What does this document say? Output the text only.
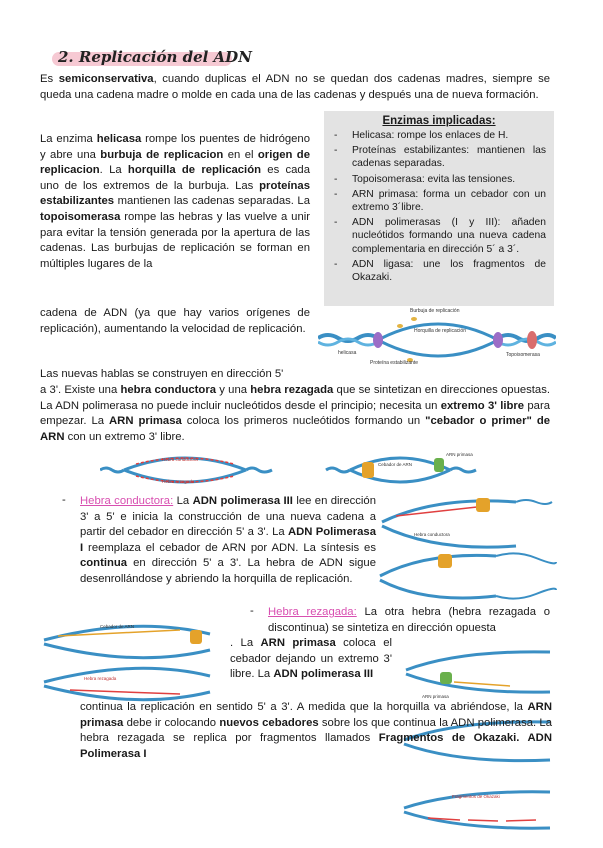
2. Replicación del ADN
Es semiconservativa, cuando duplicas el ADN no se quedan dos cadenas madres, siempre se queda una cadena madre o molde en cada una de las cadenas y después una de nueva formación.
La enzima helicasa rompe los puentes de hidrógeno y abre una burbuja de replicacion en el origen de replicacion. La horquilla de replicación es cada uno de los extremos de la burbuja. Las proteínas estabilizantes mantienen las cadenas separadas. La topoisomerasa rompe las hebras y las vuelve a unir para evitar la tensión generada por la apertura de las cadenas. Las burbujas de replicación se forman en múltiples lugares de la
Enzimas implicadas:
- Helicasa: rompe los enlaces de H.
- Proteínas estabilizantes: mantienen las cadenas separadas.
- Topoisomerasa: evita las tensiones.
- ARN primasa: forma un cebador con un extremo 3´libre.
- ADN polimerasas (I y III): añaden nucleótidos formando una nueva cadena complementaria en dirección 5´ a 3´.
- ADN ligasa: une los fragmentos de Okazaki.
cadena de ADN (ya que hay varios orígenes de replicación), aumentando la velocidad de replicación.
Burbuja de replicación
Horquilla de replicación
helicasa
Proteína estabilizante
Topoisomerasa
Las nuevas hablas se construyen en dirección 5'
a 3'. Existe una hebra conductora y una hebra rezagada que se sintetizan en direcciones opuestas. La ADN polimerasa no puede incluir nucleótidos desde el principio; necesita un extremo 3' libre para empezar. La ARN primasa coloca los primeros nucleótidos formando un "cebador o primer" de ARN con un extremo 3' libre.
Hebra conductora
Hebra rezagada
Cebador de ARN
ARN primasa
- Hebra conductora: La ADN polimerasa III lee en dirección 3' a 5' e inicia la construcción de una nueva cadena a partir del cebador en dirección 5' a 3'. La ADN Polimerasa I reemplaza el cebador de ARN por ADN. La síntesis es continua en dirección 5' a 3'. La hebra de ADN sigue desenrollándose y abriendo la horquilla de replicación.
Hebra conductora
Cebador de ARN
Hebra rezagada
- Hebra rezagada: La otra hebra (hebra rezagada o discontinua) se sintetiza en dirección opuesta
ARN primasa
Fragmentos de Okazaki
. La ARN primasa coloca el cebador dejando un extremo 3' libre. La ADN polimerasa III
continua la replicación en sentido 5' a 3'. A medida que la horquilla va abriéndose, la ARN primasa debe ir colocando nuevos cebadores sobre los que continua la ADN polimerasa. La hebra rezagada se replica por fragmentos llamados Fragmentos de Okazaki. ADN Polimerasa I
